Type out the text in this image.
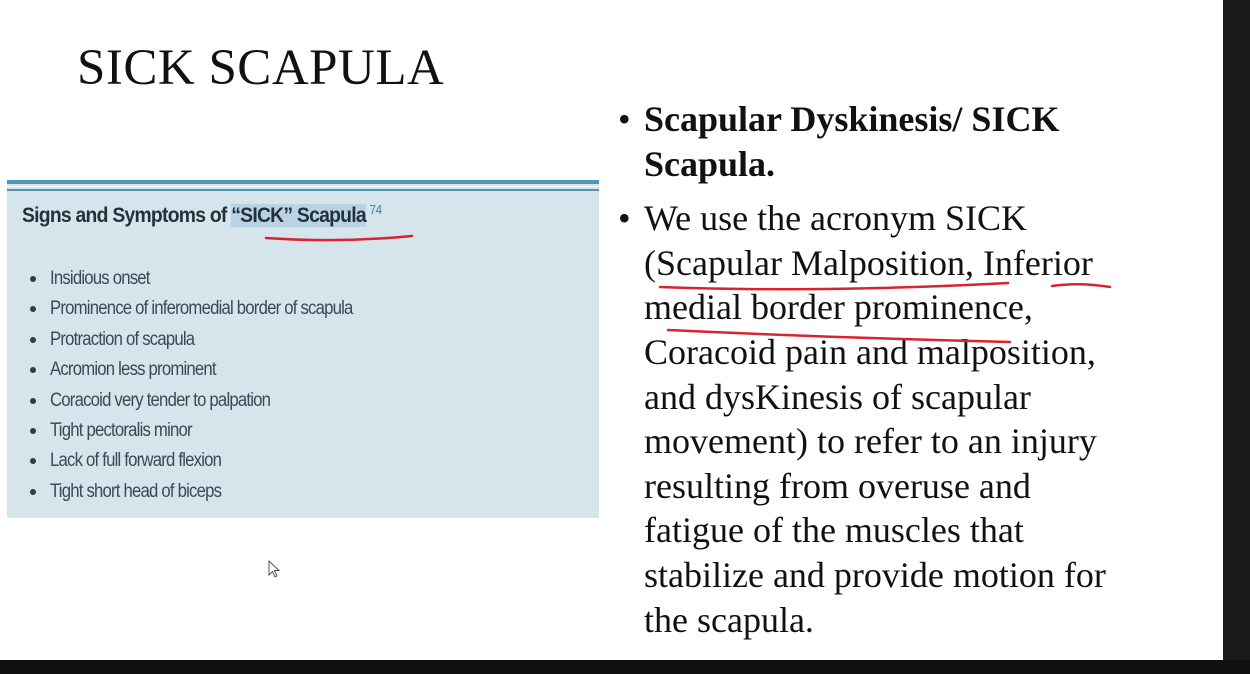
SICK SCAPULA
Signs and Symptoms of “SICK” Scapula $^{74}$
Insidious onset
Prominence of inferomedial border of scapula
Protraction of scapula
Acromion less prominent
Coracoid very tender to palpation
Tight pectoralis minor
Lack of full forward flexion
Tight short head of biceps
• Scapular Dyskinesis/ SICK
Scapula.

• We use the acronym SICK
(Scapular Malposition, Inferior
medial border prominence,
Coracoid pain and malposition,
and dysKinesis of scapular
movement) to refer to an injury
resulting from overuse and
fatigue of the muscles that
stabilize and provide motion for
the scapula.
